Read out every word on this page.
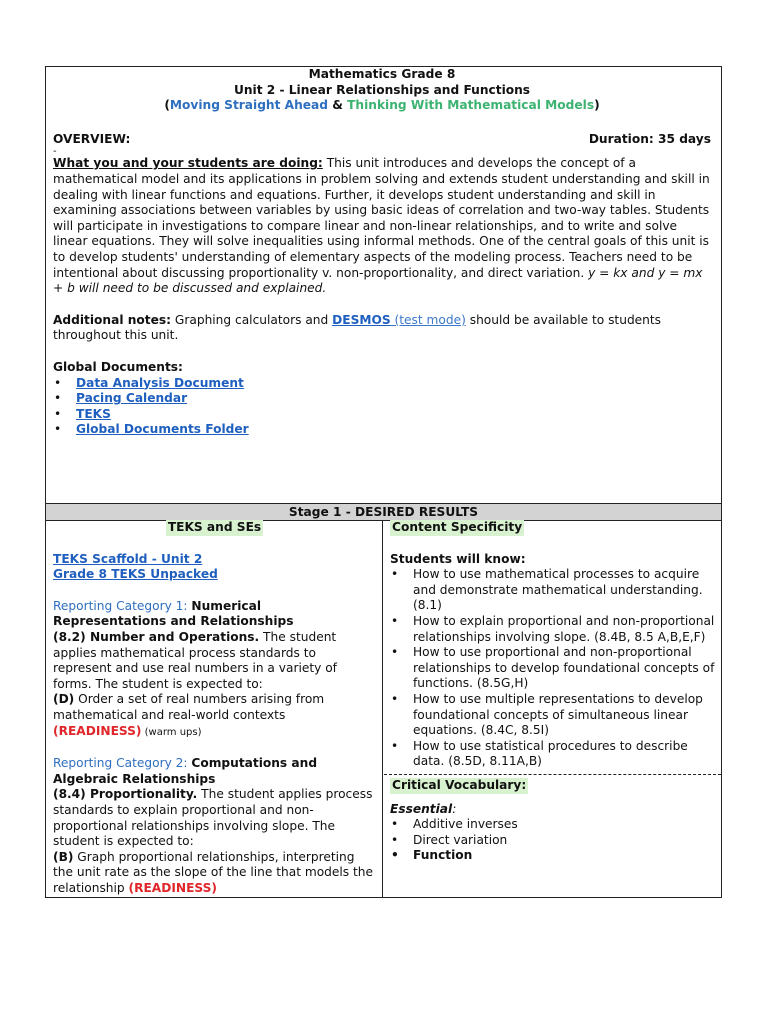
Mathematics Grade 8
Unit 2 - Linear Relationships and Functions
(Moving Straight Ahead & Thinking With Mathematical Models)
OVERVIEW:	Duration: 35 days
-
What you and your students are doing: This unit introduces and develops the concept of a mathematical model and its applications in problem solving and extends student understanding and skill in dealing with linear functions and equations. Further, it develops student understanding and skill in examining associations between variables by using basic ideas of correlation and two-way tables. Students will participate in investigations to compare linear and non-linear relationships, and to write and solve linear equations. They will solve inequalities using informal methods. One of the central goals of this unit is to develop students' understanding of elementary aspects of the modeling process. Teachers need to be intentional about discussing proportionality v. non-proportionality, and direct variation. y = kx and y = mx + b will need to be discussed and explained.
Additional notes: Graphing calculators and DESMOS (test mode) should be available to students throughout this unit.
Global Documents:
• Data Analysis Document
• Pacing Calendar
• TEKS
• Global Documents Folder
Stage 1 - DESIRED RESULTS
TEKS and SEs
TEKS Scaffold - Unit 2
Grade 8 TEKS Unpacked
Reporting Category 1: Numerical Representations and Relationships
(8.2) Number and Operations. The student applies mathematical process standards to represent and use real numbers in a variety of forms. The student is expected to:
(D) Order a set of real numbers arising from mathematical and real-world contexts
(READINESS) (warm ups)
Reporting Category 2: Computations and Algebraic Relationships
(8.4) Proportionality. The student applies process standards to explain proportional and non-proportional relationships involving slope. The student is expected to:
(B) Graph proportional relationships, interpreting the unit rate as the slope of the line that models the relationship (READINESS)
Content Specificity
Students will know:
• How to use mathematical processes to acquire and demonstrate mathematical understanding. (8.1)
• How to explain proportional and non-proportional relationships involving slope. (8.4B, 8.5 A,B,E,F)
• How to use proportional and non-proportional relationships to develop foundational concepts of functions. (8.5G,H)
• How to use multiple representations to develop foundational concepts of simultaneous linear equations. (8.4C, 8.5I)
• How to use statistical procedures to describe data. (8.5D, 8.11A,B)
Critical Vocabulary:
Essential:
• Additive inverses
• Direct variation
• Function
